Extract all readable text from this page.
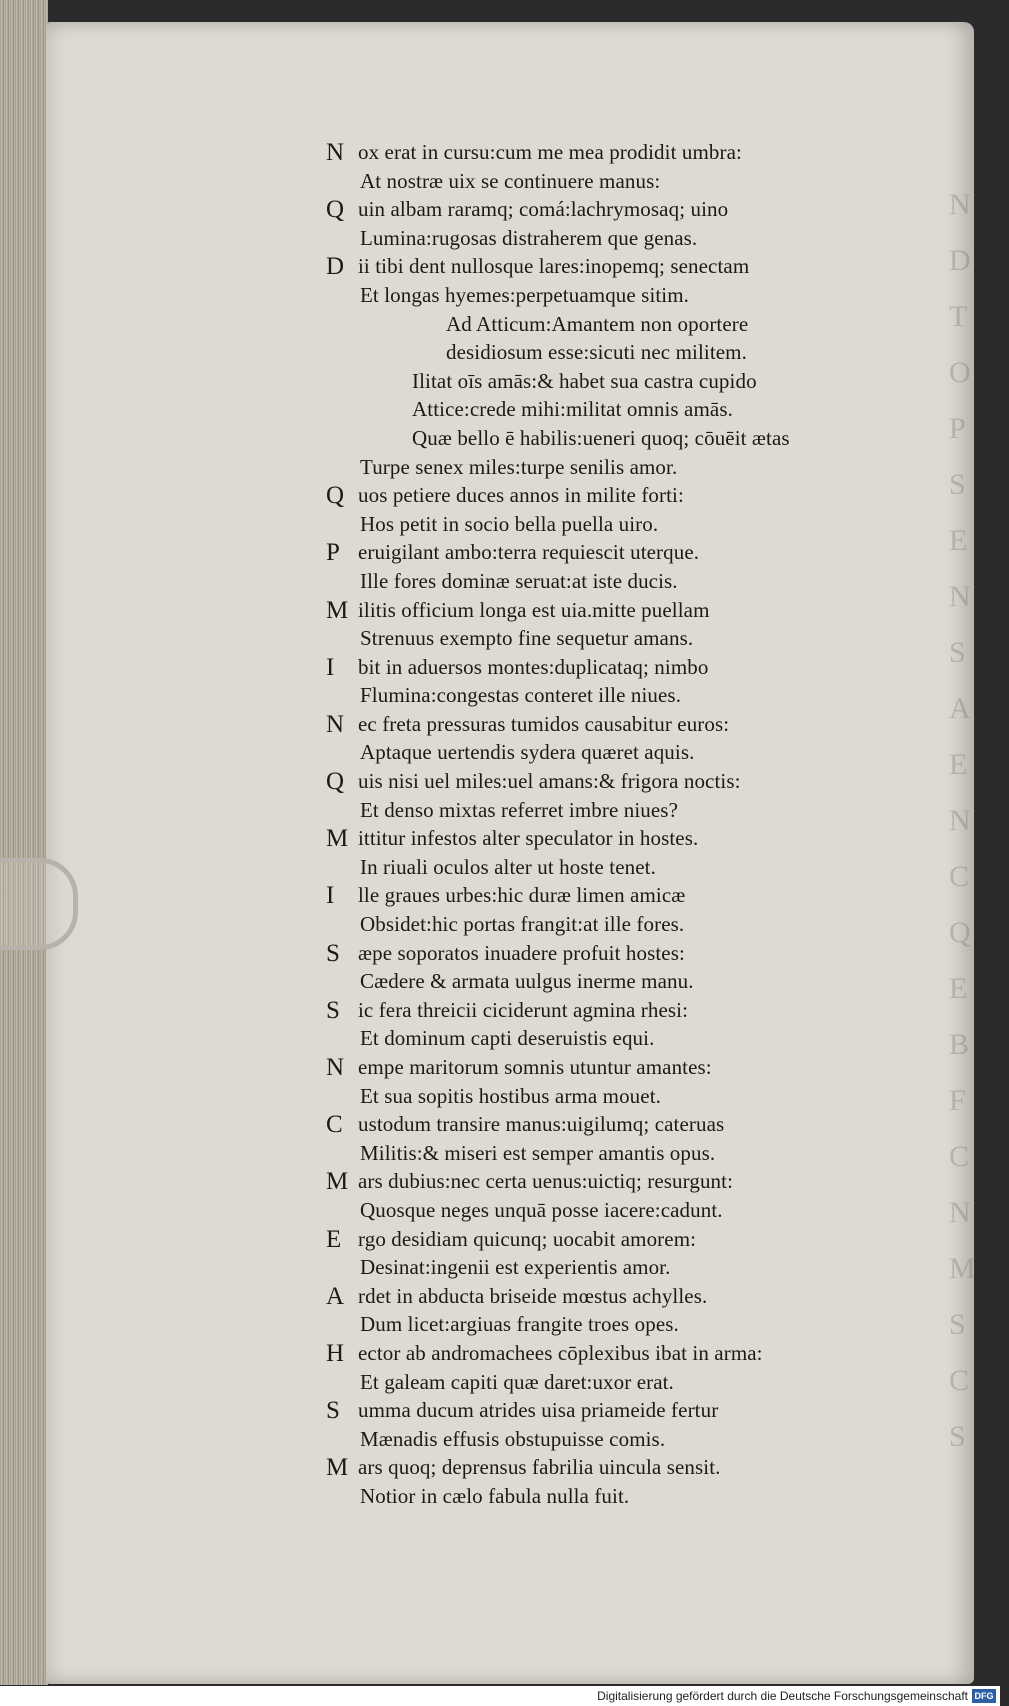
N
D
T
O
P
S
E
N
S
A
E
N
C
Q
E
B
F
C
N
M
S
C
S
N ox erat in cursu:cum me mea prodidit umbra:
At nostræ uix se continuere manus:
Q uin albam raramq; comá:lachrymosaq; uino
Lumina:rugosas distraherem que genas.
D ii tibi dent nullosque lares:inopemq; senectam
Et longas hyemes:perpetuamque sitim.
Ad Atticum:Amantem non oportere
desidiosum esse:sicuti nec militem.
Ilitat oīs amās:& habet sua castra cupido
Attice:crede mihi:militat omnis amās.
Quæ bello ē habilis:ueneri quoq; cōuēit ætas
Turpe senex miles:turpe senilis amor.
Q uos petiere duces annos in milite forti:
Hos petit in socio bella puella uiro.
P eruigilant ambo:terra requiescit uterque.
Ille fores dominæ seruat:at iste ducis.
M ilitis officium longa est uia.mitte puellam
Strenuus exempto fine sequetur amans.
I	bit in aduersos montes:duplicataq; nimbo
Flumina:congestas conteret ille niues.
N ec freta pressuras tumidos causabitur euros:
Aptaque uertendis sydera quæret aquis.
Q uis nisi uel miles:uel amans:& frigora noctis:
Et denso mixtas referret imbre niues?
M ittitur infestos alter speculator in hostes.
In riuali oculos alter ut hoste tenet.
I	lle graues urbes:hic duræ limen amicæ
Obsidet:hic portas frangit:at ille fores.
S æpe soporatos inuadere profuit hostes:
Cædere & armata uulgus inerme manu.
S ic fera threicii ciciderunt agmina rhesi:
Et dominum capti deseruistis equi.
N empe maritorum somnis utuntur amantes:
Et sua sopitis hostibus arma mouet.
C ustodum transire manus:uigilumq; cateruas
Militis:& miseri est semper amantis opus.
M ars dubius:nec certa uenus:uictiq; resurgunt:
Quosque neges unquā posse iacere:cadunt.
E rgo desidiam quicunq; uocabit amorem:
Desinat:ingenii est experientis amor.
A rdet in abducta briseide mœstus achylles.
Dum licet:argiuas frangite troes opes.
H ector ab andromachees cōplexibus ibat in arma:
Et galeam capiti quæ daret:uxor erat.
S umma ducum atrides uisa priameide fertur
Mænadis effusis obstupuisse comis.
M ars quoq; deprensus fabrilia uincula sensit.
Notior in cælo fabula nulla fuit.
Digitalisierung gefördert durch die Deutsche Forschungsgemeinschaft DFG
